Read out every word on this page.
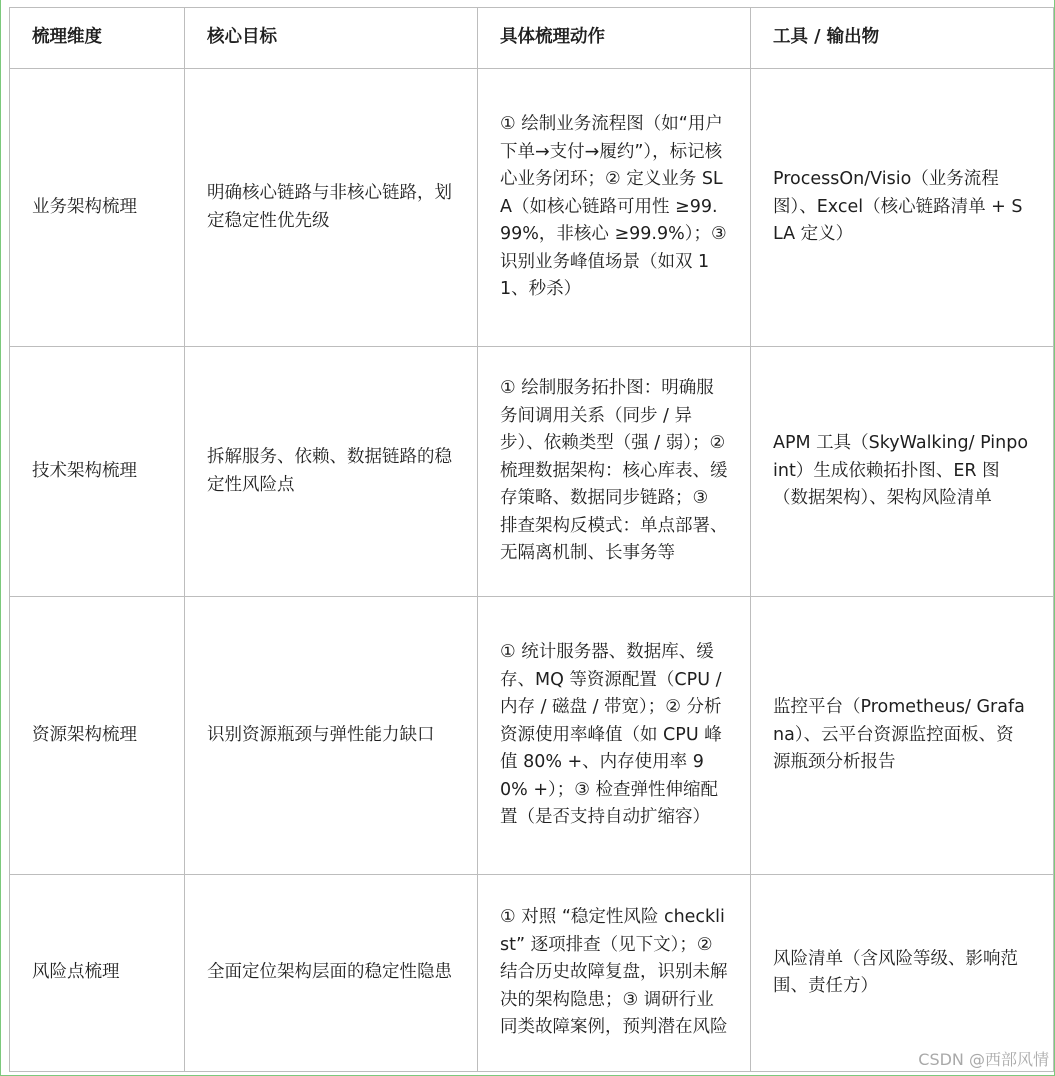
梳理维度	核心目标	具体梳理动作	工具 / 输出物
业务架构梳理	明确核心链路与非核心链路，划定稳定性优先级	① 绘制业务流程图（如“用户下单→支付→履约”），标记核心业务闭环；② 定义业务 SLA（如核心链路可用性 ≥99.99%，非核心 ≥99.9%）；③ 识别业务峰值场景（如双 11、秒杀）	ProcessOn/Visio（业务流程图）、Excel（核心链路清单 + SLA 定义）
技术架构梳理	拆解服务、依赖、数据链路的稳定性风险点	① 绘制服务拓扑图：明确服务间调用关系（同步 / 异步）、依赖类型（强 / 弱）；② 梳理数据架构：核心库表、缓存策略、数据同步链路；③ 排查架构反模式：单点部署、无隔离机制、长事务等	APM 工具（SkyWalking/ Pinpoint）生成依赖拓扑图、ER 图（数据架构）、架构风险清单
资源架构梳理	识别资源瓶颈与弹性能力缺口	① 统计服务器、数据库、缓存、MQ 等资源配置（CPU / 内存 / 磁盘 / 带宽）；② 分析资源使用率峰值（如 CPU 峰值 80% +、内存使用率 90% +）；③ 检查弹性伸缩配置（是否支持自动扩缩容）	监控平台（Prometheus/ Grafana）、云平台资源监控面板、资源瓶颈分析报告
风险点梳理	全面定位架构层面的稳定性隐患	① 对照 “稳定性风险 checklist” 逐项排查（见下文）；② 结合历史故障复盘，识别未解决的架构隐患；③ 调研行业同类故障案例，预判潜在风险	风险清单（含风险等级、影响范围、责任方）
CSDN @西部风情
